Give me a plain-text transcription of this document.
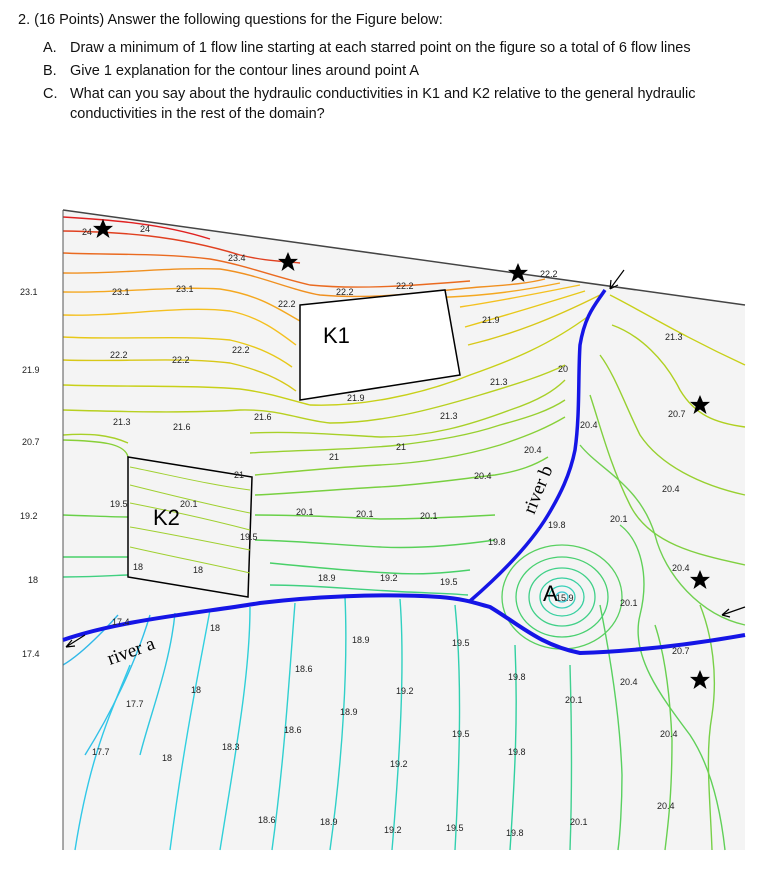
2. (16 Points) Answer the following questions for the Figure below:

A. Draw a minimum of 1 flow line starting at each starred point on the figure so a total of 6 flow lines
B. Give 1 explanation for the contour lines around point A
C. What can you say about the hydraulic conductivities in K1 and K2 relative to the general hydraulic conductivities in the rest of the domain?
K1
K2
A
river a
river b
24	24
23.4
22.2
23.1	23.1	23.1
22.2
22.2
22.2
21.9
21.3
22.2	22.2
22.2
21.9	20
21.3
21.9
21.6	21.3	20.7
20.4
21.3	21.6
20.7
21
21	20.4
21	20.4
20.4
19.5	20.1
20.1	20.1	20.1	20.1
19.8
19.2
19.5	19.8
18	18
18.9	19.2	19.5
20.4
18
15.9	20.1
17.4
18
18.9	19.5
20.7
17.4
18.6
19.8	20.4
18	19.2
17.7	20.1
18.9
18.6	19.5	20.4
18.3	19.8
17.7
18
19.2
20.4
18.6	18.9	20.1
19.2	19.5	19.8
